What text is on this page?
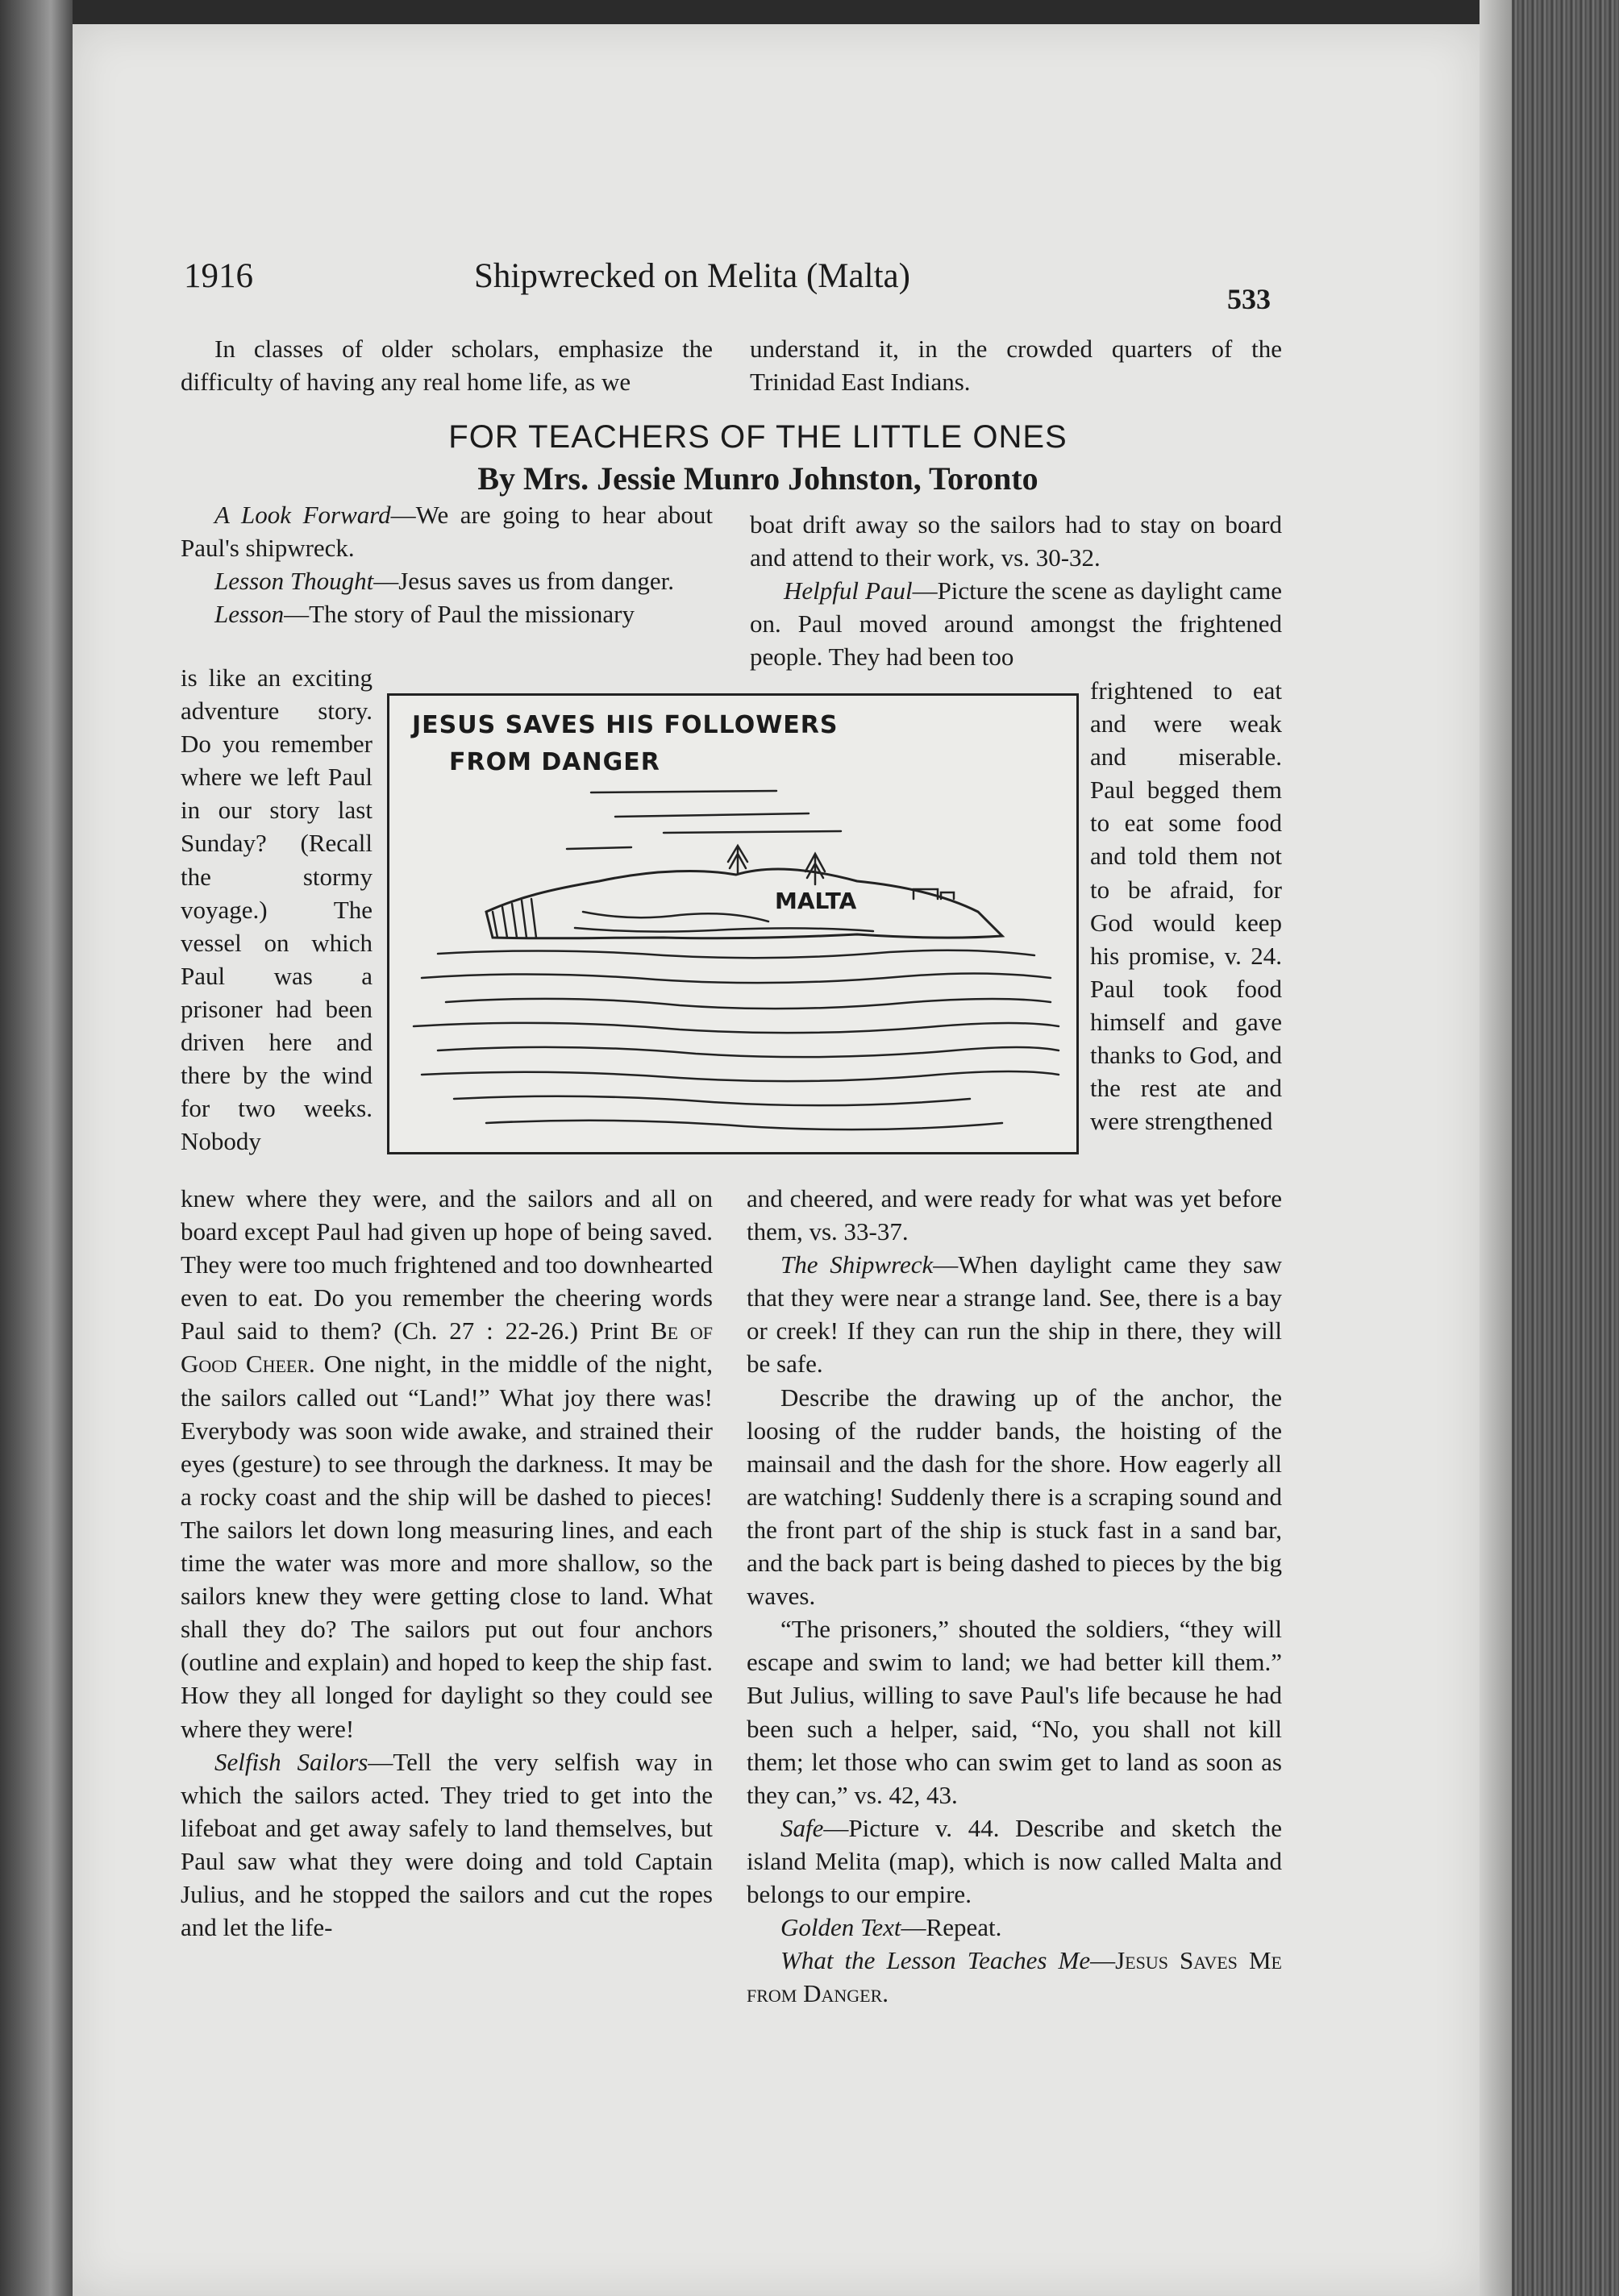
1916	Shipwrecked on Melita (Malta)
533

In classes of older scholars, emphasize the difficulty of having any real home life, as we

understand it, in the crowded quarters of the Trinidad East Indians.

FOR TEACHERS OF THE LITTLE ONES
By Mrs. Jessie Munro Johnston, Toronto

A Look Forward—We are going to hear about Paul's shipwreck.

Lesson Thought—Jesus saves us from danger.

Lesson—The story of Paul the missionary

is like an exciting adventure story. Do you remember where we left Paul in our story last Sunday? (Recall the stormy voyage.) The vessel on which Paul was a prisoner had been driven here and there by the wind for two weeks. Nobody

JESUS SAVES HIS FOLLOWERS
FROM DANGER
MALTA

knew where they were, and the sailors and all on board except Paul had given up hope of being saved. They were too much frightened and too downhearted even to eat. Do you remember the cheering words Paul said to them? (Ch. 27 : 22-26.) Print Be of Good Cheer. One night, in the middle of the night, the sailors called out “Land!” What joy there was! Everybody was soon wide awake, and strained their eyes (gesture) to see through the darkness. It may be a rocky coast and the ship will be dashed to pieces! The sailors let down long measuring lines, and each time the water was more and more shallow, so the sailors knew they were getting close to land. What shall they do? The sailors put out four anchors (outline and explain) and hoped to keep the ship fast. How they all longed for daylight so they could see where they were!

Selfish Sailors—Tell the very selfish way in which the sailors acted. They tried to get into the lifeboat and get away safely to land themselves, but Paul saw what they were doing and told Captain Julius, and he stopped the sailors and cut the ropes and let the life-

boat drift away so the sailors had to stay on board and attend to their work, vs. 30-32.

Helpful Paul—Picture the scene as daylight came on. Paul moved around amongst the frightened people. They had been too

frightened to eat and were weak and miserable. Paul begged them to eat some food and told them not to be afraid, for God would keep his promise, v. 24. Paul took food himself and gave thanks to God, and the rest ate and were strengthened

and cheered, and were ready for what was yet before them, vs. 33-37.

The Shipwreck—When daylight came they saw that they were near a strange land. See, there is a bay or creek! If they can run the ship in there, they will be safe.

Describe the drawing up of the anchor, the loosing of the rudder bands, the hoisting of the mainsail and the dash for the shore. How eagerly all are watching! Suddenly there is a scraping sound and the front part of the ship is stuck fast in a sand bar, and the back part is being dashed to pieces by the big waves.

“The prisoners,” shouted the soldiers, “they will escape and swim to land; we had better kill them.” But Julius, willing to save Paul's life because he had been such a helper, said, “No, you shall not kill them; let those who can swim get to land as soon as they can,” vs. 42, 43.

Safe—Picture v. 44. Describe and sketch the island Melita (map), which is now called Malta and belongs to our empire.

Golden Text—Repeat.

What the Lesson Teaches Me—Jesus Saves Me from Danger.
